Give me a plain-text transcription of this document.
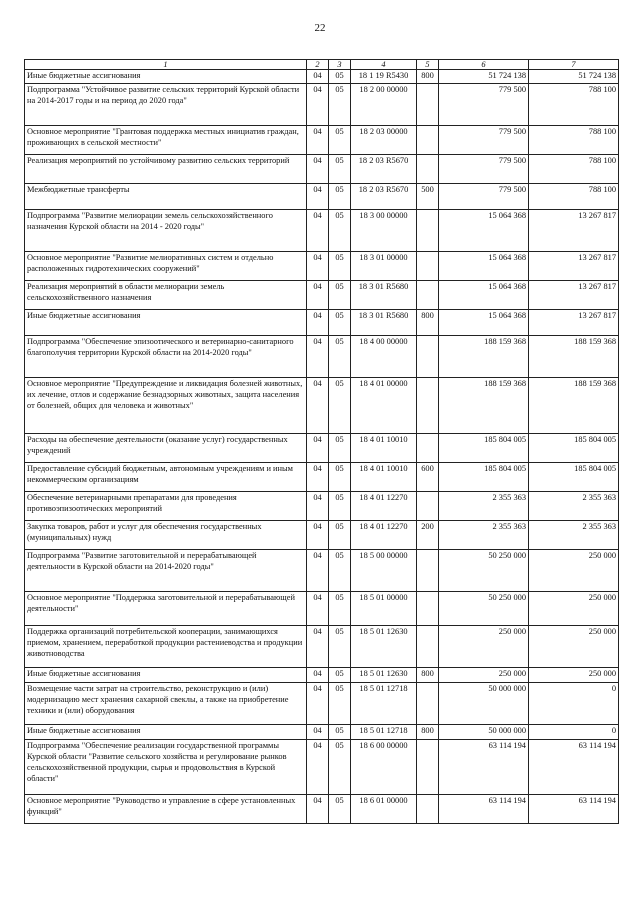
22
1	2	3	4	5	6	7
Иные бюджетные ассигнования	04	05	18 1 19 R5430	800	51 724 138	51 724 138
Подпрограмма "Устойчивое развитие сельских территорий Курской области на 2014-2017 годы и на период до 2020 года"	04	05	18 2 00 00000		779 500	788 100
Основное мероприятие "Грантовая поддержка местных инициатив граждан, проживающих в сельской местности"	04	05	18 2 03 00000		779 500	788 100
Реализация мероприятий по устойчивому развитию сельских территорий	04	05	18 2 03 R5670		779 500	788 100
Межбюджетные трансферты	04	05	18 2 03 R5670	500	779 500	788 100
Подпрограмма "Развитие мелиорации земель сельскохозяйственного назначения Курской области на 2014 - 2020 годы"	04	05	18 3 00 00000		15 064 368	13 267 817
Основное мероприятие "Развитие мелиоративных систем и отдельно расположенных гидротехнических сооружений"	04	05	18 3 01 00000		15 064 368	13 267 817
Реализация мероприятий в области мелиорации земель сельскохозяйственного назначения	04	05	18 3 01 R5680		15 064 368	13 267 817
Иные бюджетные ассигнования	04	05	18 3 01 R5680	800	15 064 368	13 267 817
Подпрограмма "Обеспечение эпизоотического и ветеринарно-санитарного благополучия территории Курской области на 2014-2020 годы"	04	05	18 4 00 00000		188 159 368	188 159 368
Основное мероприятие "Предупреждение и ликвидация болезней животных, их лечение, отлов и содержание безнадзорных животных, защита населения от болезней, общих для человека и животных"	04	05	18 4 01 00000		188 159 368	188 159 368
Расходы на обеспечение деятельности (оказание услуг) государственных учреждений	04	05	18 4 01 10010		185 804 005	185 804 005
Предоставление субсидий бюджетным, автономным учреждениям и иным некоммерческим организациям	04	05	18 4 01 10010	600	185 804 005	185 804 005
Обеспечение ветеринарными препаратами для проведения противоэпизоотических мероприятий	04	05	18 4 01 12270		2 355 363	2 355 363
Закупка товаров, работ и услуг для обеспечения государственных (муниципальных) нужд	04	05	18 4 01 12270	200	2 355 363	2 355 363
Подпрограмма "Развитие заготовительной и перерабатывающей деятельности в Курской области на 2014-2020 годы"	04	05	18 5 00 00000		50 250 000	250 000
Основное мероприятие "Поддержка заготовительной и перерабатывающей деятельности"	04	05	18 5 01 00000		50 250 000	250 000
Поддержка организаций потребительской кооперации, занимающихся приемом, хранением, переработкой продукции растениеводства и продукции животноводства	04	05	18 5 01 12630		250 000	250 000
Иные бюджетные ассигнования	04	05	18 5 01 12630	800	250 000	250 000
Возмещение части затрат на строительство, реконструкцию и (или) модернизацию мест хранения сахарной свеклы, а также на приобретение техники и (или) оборудования	04	05	18 5 01 12718		50 000 000	0
Иные бюджетные ассигнования	04	05	18 5 01 12718	800	50 000 000	0
Подпрограмма "Обеспечение реализации государственной программы Курской области "Развитие сельского хозяйства и регулирование рынков сельскохозяйственной продукции, сырья и продовольствия в Курской области"	04	05	18 6 00 00000		63 114 194	63 114 194
Основное мероприятие "Руководство и управление в сфере установленных функций"	04	05	18 6 01 00000		63 114 194	63 114 194
